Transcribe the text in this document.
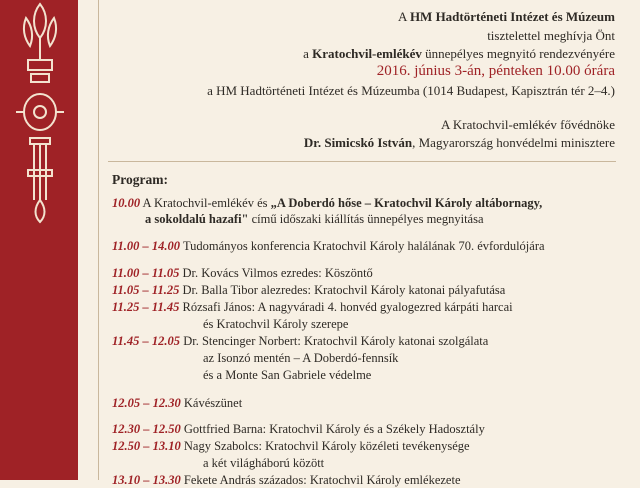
A HM Hadtörténeti Intézet és Múzeum
tisztelettel meghívja Önt
a Kratochvil-emlékév ünnepélyes megnyitó rendezvényére
2016. június 3-án, pénteken 10.00 órára
a HM Hadtörténeti Intézet és Múzeumba (1014 Budapest, Kapisztrán tér 2–4.)
A Kratochvil-emlékév fővédnöke
Dr. Simicskó István, Magyarország honvédelmi minisztere
Program:
10.00 A Kratochvil-emlékév és „A Doberdó hőse – Kratochvil Károly altábornagy,
a sokoldalú hazafi" című időszaki kiállítás ünnepélyes megnyitása
11.00 – 14.00 Tudományos konferencia Kratochvil Károly halálának 70. évfordulójára
11.00 – 11.05 Dr. Kovács Vilmos ezredes: Köszöntő
11.05 – 11.25 Dr. Balla Tibor alezredes: Kratochvil Károly katonai pályafutása
11.25 – 11.45 Rózsafi János: A nagyváradi 4. honvéd gyalogezred kárpáti harcai
és Kratochvil Károly szerepe
11.45 – 12.05 Dr. Stencinger Norbert: Kratochvil Károly katonai szolgálata
az Isonzó mentén – A Doberdó-fennsík
és a Monte San Gabriele védelme
12.05 – 12.30 Kávészünet
12.30 – 12.50 Gottfried Barna: Kratochvil Károly és a Székely Hadosztály
12.50 – 13.10 Nagy Szabolcs: Kratochvil Károly közéleti tevékenysége
a két világháború között
13.10 – 13.30 Fekete András százados: Kratochvil Károly emlékezete
